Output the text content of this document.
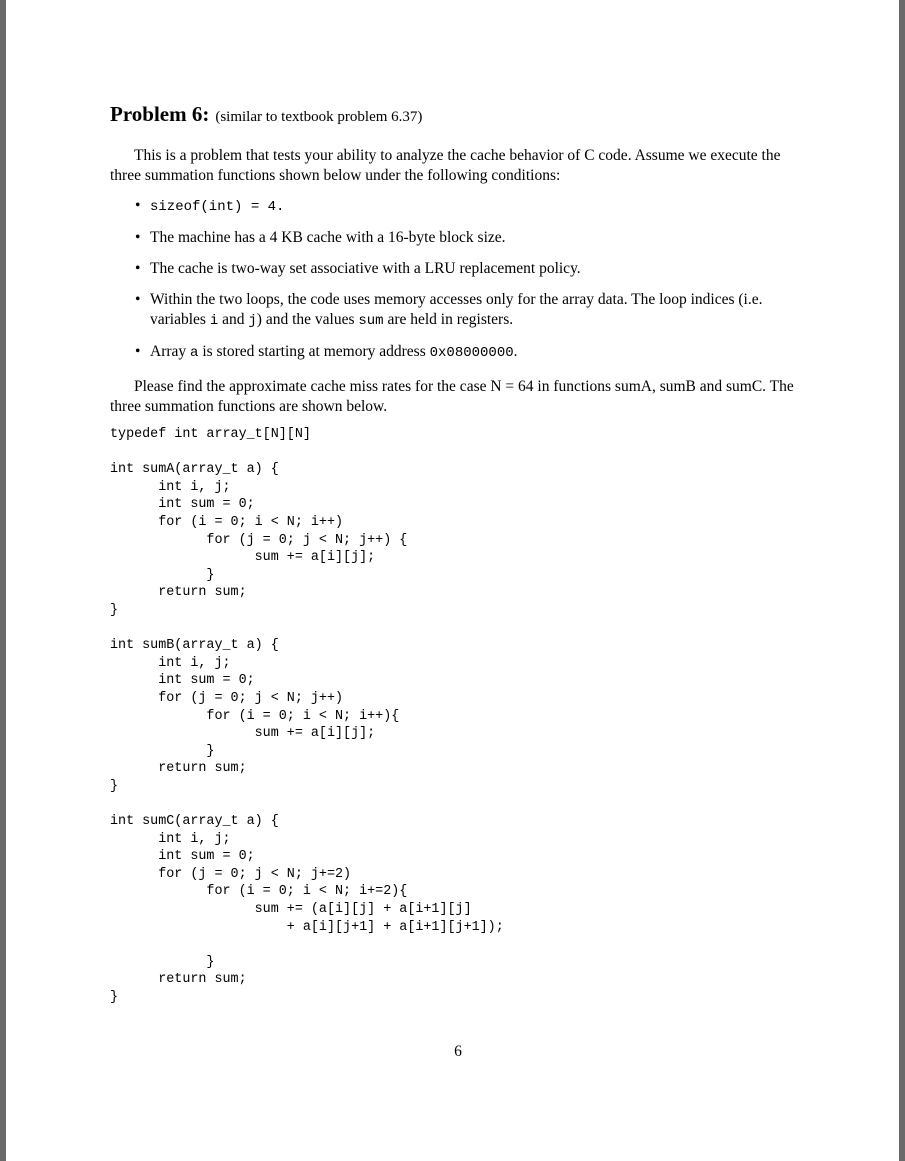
Problem 6: (similar to textbook problem 6.37)

This is a problem that tests your ability to analyze the cache behavior of C code. Assume we execute the three summation functions shown below under the following conditions:

• sizeof(int) = 4.
• The machine has a 4 KB cache with a 16-byte block size.
• The cache is two-way set associative with a LRU replacement policy.
• Within the two loops, the code uses memory accesses only for the array data. The loop indices (i.e. variables i and j) and the values sum are held in registers.
• Array a is stored starting at memory address 0x08000000.

Please find the approximate cache miss rates for the case N = 64 in functions sumA, sumB and sumC. The three summation functions are shown below.

typedef int array_t[N][N]

int sumA(array_t a) {
int i, j;
int sum = 0;
for (i = 0; i < N; i++)
for (j = 0; j < N; j++) {
sum += a[i][j];
}
return sum;
}

int sumB(array_t a) {
int i, j;
int sum = 0;
for (j = 0; j < N; j++)
for (i = 0; i < N; i++){
sum += a[i][j];
}
return sum;
}

int sumC(array_t a) {
int i, j;
int sum = 0;
for (j = 0; j < N; j+=2)
for (i = 0; i < N; i+=2){
sum += (a[i][j] + a[i+1][j]
+ a[i][j+1] + a[i+1][j+1]);

}
return sum;
}
6
